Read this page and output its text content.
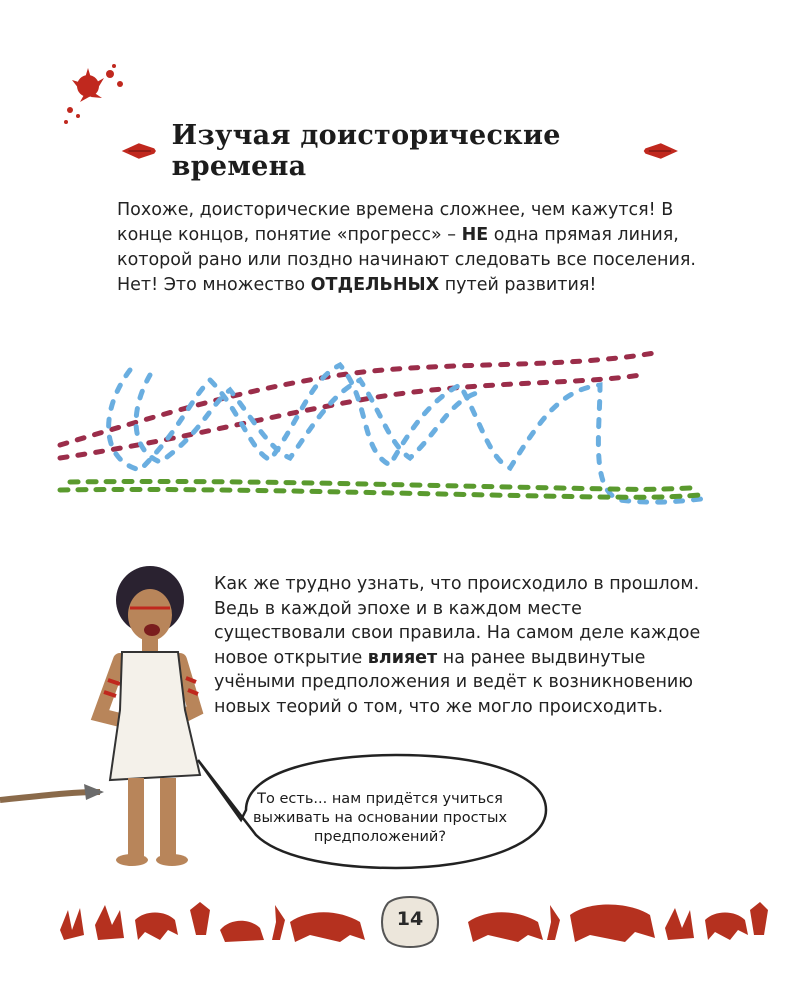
Изучая доисторические времена
Похоже, доисторические времена сложнее, чем кажутся! В конце концов, понятие «прогресс» – НЕ одна прямая линия, которой рано или поздно начинают следовать все поселения. Нет! Это множество ОТДЕЛЬНЫХ путей развития!
Как же трудно узнать, что происходило в прошлом. Ведь в каждой эпохе и в каждом месте существовали свои правила. На самом деле каждое новое открытие влияет на ранее выдвинутые учёными предположения и ведёт к возникновению новых теорий о том, что же могло происходить.
То есть... нам придётся учиться выживать на основании простых предположений?
14
